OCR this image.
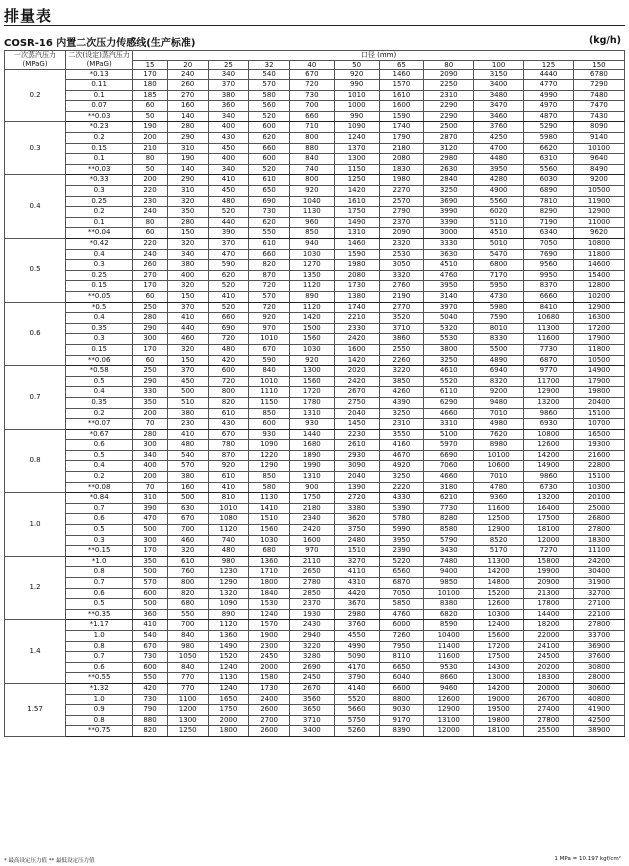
排量表
COSR-16 内置二次压力传感线(生产标准)	(kg/h)
一次蒸汽压力
(MPaG)	二次(设定)蒸汽压力
(MPaG)	口径 (mm)										
		15	20	25	32	40	50	65	80	100	125	150
0.2	*0.13	170	240	340	540	670	920	1460	2090	3150	4440	6780
	0.11	180	260	370	570	720	990	1570	2250	3400	4770	7290
	0.1	185	270	380	580	730	1010	1610	2310	3480	4990	7480
	0.07	60	160	360	560	700	1000	1600	2290	3470	4970	7470
	**0.03	50	140	340	520	660	990	1590	2290	3460	4870	7430
0.3	*0.23	190	280	400	600	710	1090	1740	2500	3760	5290	8090
	0.2	200	290	430	620	800	1240	1790	2870	4250	5980	9140
	0.15	210	310	450	660	880	1370	2180	3120	4700	6620	10100
	0.1	80	190	400	600	840	1300	2080	2980	4480	6310	9640
	**0.03	50	140	340	520	740	1150	1830	2630	3950	5560	8490
0.4	*0.33	200	290	410	610	800	1250	1980	2840	4280	6030	9200
	0.3	220	310	450	650	920	1420	2270	3250	4900	6890	10500
	0.25	230	320	480	690	1040	1610	2570	3690	5560	7810	11900
	0.2	240	350	520	730	1130	1750	2790	3990	6020	8290	12900
	0.1	80	280	440	620	960	1490	2370	3390	5110	7190	11000
	**0.04	60	150	390	550	850	1310	2090	3000	4510	6340	9620
0.5	*0.42	220	320	370	610	940	1460	2320	3330	5010	7050	10800
	0.4	240	340	470	660	1030	1590	2530	3630	5470	7690	11800
	0.3	260	380	590	820	1270	1980	3050	4510	6800	9560	14600
	0.25	270	400	620	870	1350	2080	3320	4760	7170	9950	15400
	0.15	170	320	520	720	1120	1730	2760	3950	5950	8370	12800
	**0.05	60	150	410	570	890	1380	2190	3140	4730	6660	10200
0.6	*0.5	250	370	520	720	1120	1740	2770	3970	5980	8410	12900
	0.4	280	410	660	920	1420	2210	3520	5040	7590	10680	16300
	0.35	290	440	690	970	1500	2330	3710	5320	8010	11300	17200
	0.3	300	460	720	1010	1560	2420	3860	5530	8330	11600	17900
	0.15	170	320	480	670	1030	1600	2550	3800	5500	7730	11800
	**0.06	60	150	420	590	920	1420	2260	3250	4890	6870	10500
0.7	*0.58	250	370	600	840	1300	2020	3220	4610	6940	9770	14900
	0.5	290	450	720	1010	1560	2420	3850	5520	8320	11700	17900
	0.4	330	500	800	1110	1720	2670	4260	6110	9200	12900	19800
	0.35	350	510	820	1150	1780	2750	4390	6290	9480	13200	20400
	0.2	200	380	610	850	1310	2040	3250	4660	7010	9860	15100
	**0.07	70	230	430	600	930	1450	2310	3310	4980	6930	10700
0.8	*0.67	280	410	670	930	1440	2230	3550	5100	7620	10800	16500
	0.6	300	480	780	1090	1680	2610	4160	5970	8980	12600	19300
	0.5	340	540	870	1220	1890	2930	4670	6690	10100	14200	21600
	0.4	400	570	920	1290	1990	3090	4920	7060	10600	14900	22800
	0.2	200	380	610	850	1310	2040	3250	4660	7010	9860	15100
	**0.08	70	160	410	580	900	1390	2220	3180	4780	6730	10300
1.0	*0.84	310	500	810	1130	1750	2720	4330	6210	9360	13200	20100
	0.7	390	630	1010	1410	2180	3380	5390	7730	11600	16400	25000
	0.6	470	670	1080	1510	2340	3620	5780	8280	12500	17500	26800
	0.5	500	700	1120	1560	2420	3750	5990	8580	12900	18100	27800
	0.3	300	460	740	1030	1600	2480	3950	5790	8520	12000	18300
	**0.15	170	320	480	680	970	1510	2390	3430	5170	7270	11100
1.2	*1.0	350	610	980	1360	2110	3270	5220	7480	11300	15800	24200
	0.8	500	760	1230	1710	2650	4110	6560	9400	14200	19900	30400
	0.7	570	800	1290	1800	2780	4310	6870	9850	14800	20900	31900
	0.6	600	820	1320	1840	2850	4420	7050	10100	15200	21300	32700
	0.5	500	680	1090	1530	2370	3670	5850	8380	12600	17800	27100
	**0.35	360	550	890	1240	1930	2980	4760	6820	10300	14400	22100
1.4	*1.17	410	700	1120	1570	2430	3760	6000	8590	12400	18200	27800
	1.0	540	840	1360	1900	2940	4550	7260	10400	15600	22000	33700
	0.8	670	980	1490	2300	3220	4990	7950	11400	17200	24100	36900
	0.7	730	1050	1520	2450	3280	5090	8110	11600	17500	24500	37600
	0.6	600	840	1240	2000	2690	4170	6650	9530	14300	20200	30800
	**0.55	550	770	1130	1580	2450	3790	6040	8660	13000	18300	28000
1.57	*1.32	420	770	1240	1730	2670	4140	6600	9460	14200	20000	30600
	1.0	730	1100	1650	2400	3560	5520	8800	12600	19000	26700	40800
	0.9	790	1200	1750	2600	3650	5660	9030	12900	19500	27400	41900
	0.8	880	1300	2000	2700	3710	5750	9170	13100	19800	27800	42500
	**0.75	820	1250	1800	2600	3400	5260	8390	12000	18100	25500	38900
* 最高设定压力值 ** 最低设定压力值	1 MPa = 10.197 kgf/cm²
